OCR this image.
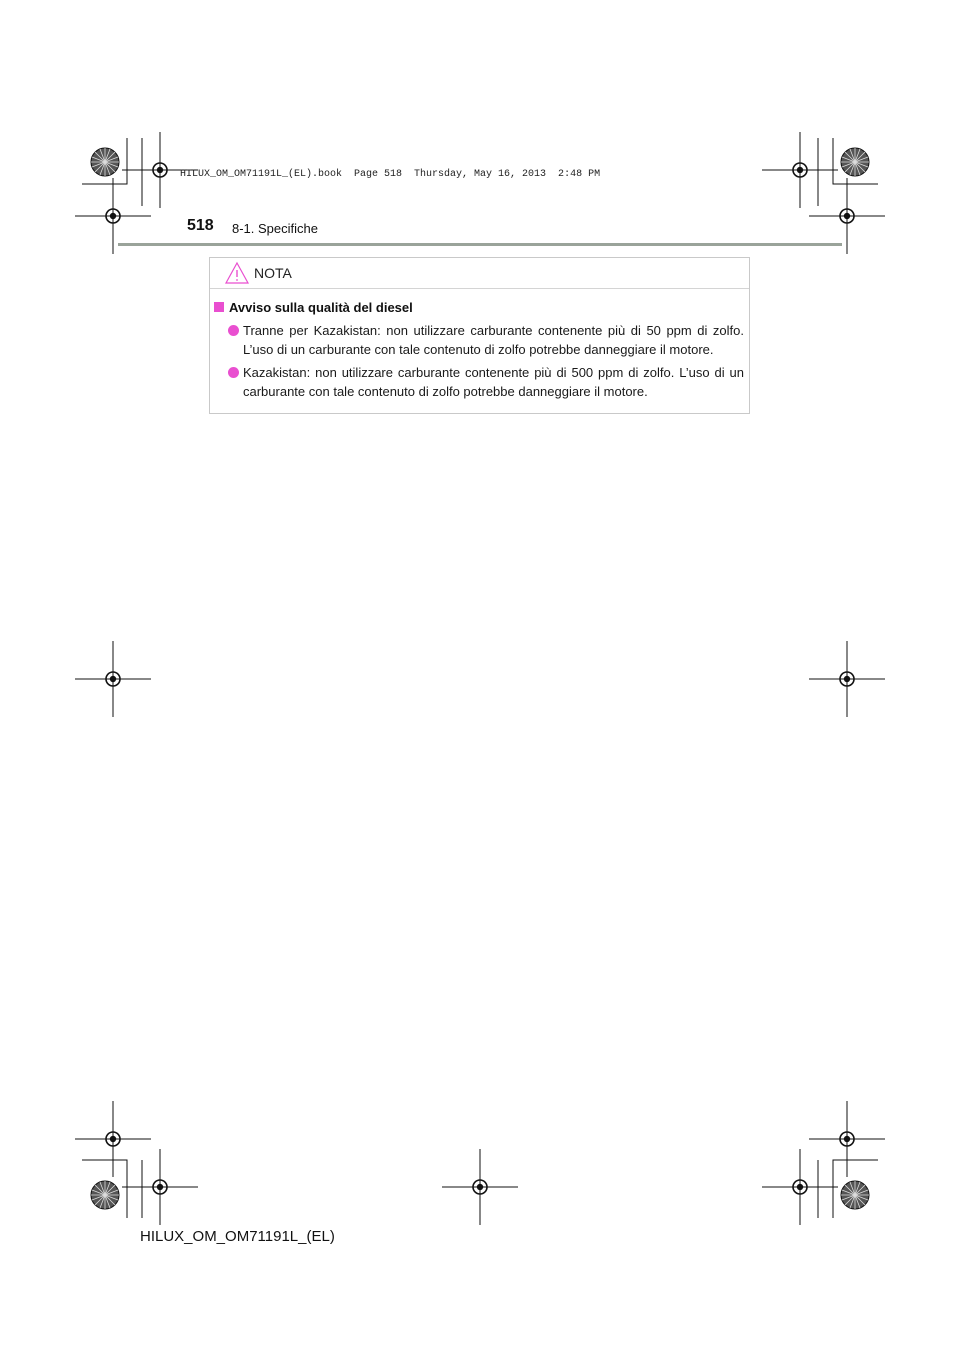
HILUX_OM_OM71191L_(EL).book  Page 518  Thursday, May 16, 2013  2:48 PM
518 8-1. Specifiche
NOTA
Avviso sulla qualità del diesel
Tranne per Kazakistan: non utilizzare carburante contenente più di 50 ppm di zolfo. L’uso di un carburante con tale contenuto di zolfo potrebbe danneggiare il motore.
Kazakistan: non utilizzare carburante contenente più di 500 ppm di zolfo. L’uso di un carburante con tale contenuto di zolfo potrebbe danneggiare il motore.
HILUX_OM_OM71191L_(EL)
